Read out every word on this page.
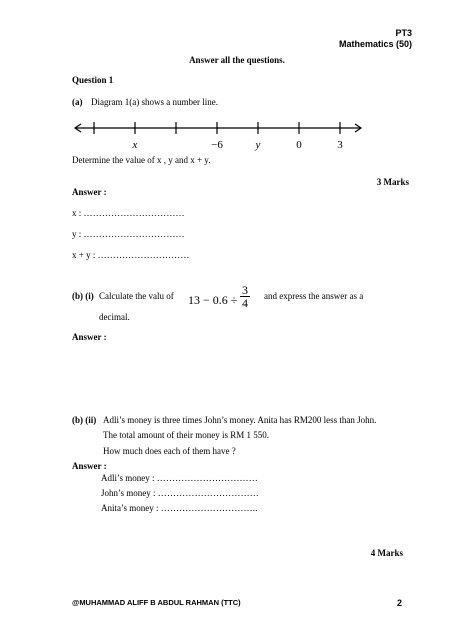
PT3
Mathematics (50)
Answer all the questions.
Question 1
(a) Diagram 1(a) shows a number line.
x	−6	y	0	3
Determine the value of x , y and x + y.
3 Marks
Answer :
x : ……………………………
y : ……………………………
x + y : …………………………
(b) (i) Calculate the valu of $13 - 0.6 \div \frac{3}{4}$ and express the answer as a
decimal.
Answer :
(b) (ii) Adli’s money is three times John’s money. Anita has RM200 less than John.
The total amount of their money is RM 1 550.
How much does each of them have ?
Answer :
Adli’s money : ……………………………
John’s money : ……………………………
Anita’s money : …………………………..
4 Marks
@MUHAMMAD ALIFF B ABDUL RAHMAN (TTC)	2
